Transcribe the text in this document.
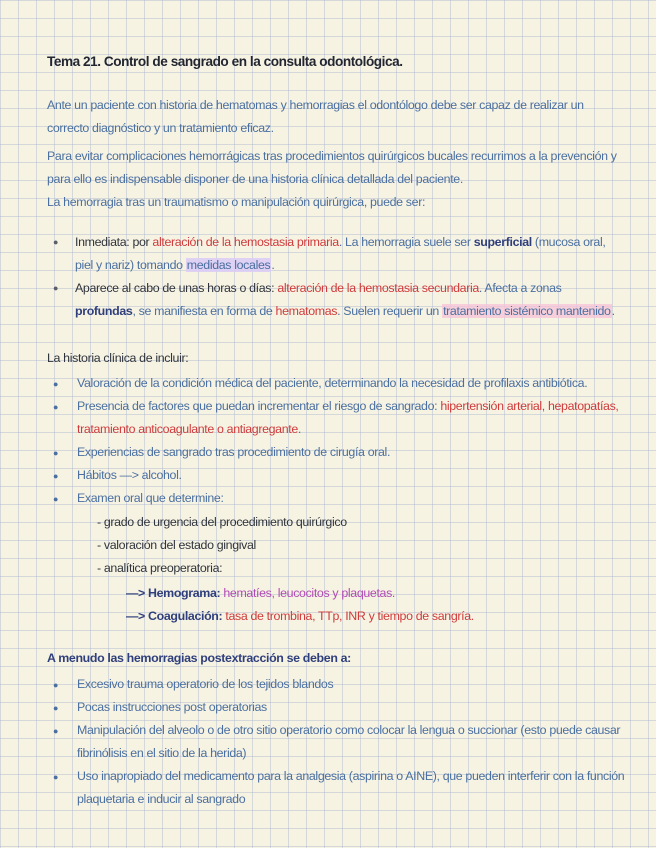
Tema 21. Control de sangrado en la consulta odontológica.
Ante un paciente con historia de hematomas y hemorragias el odontólogo debe ser capaz de realizar un
correcto diagnóstico y un tratamiento eficaz.
Para evitar complicaciones hemorrágicas tras procedimientos quirúrgicos bucales recurrimos a la prevención y
para ello es indispensable disponer de una historia clínica detallada del paciente.
La hemorragia tras un traumatismo o manipulación quirúrgica, puede ser:
● Inmediata: por alteración de la hemostasia primaria. La hemorragia suele ser superficial (mucosa oral,
piel y nariz) tomando medidas locales.
● Aparece al cabo de unas horas o días: alteración de la hemostasia secundaria. Afecta a zonas
profundas, se manifiesta en forma de hematomas. Suelen requerir un tratamiento sistémico mantenido.
La historia clínica de incluir:
● Valoración de la condición médica del paciente, determinando la necesidad de profilaxis antibiótica.
● Presencia de factores que puedan incrementar el riesgo de sangrado: hipertensión arterial, hepatopatías,
tratamiento anticoagulante o antiagregante.
● Experiencias de sangrado tras procedimiento de cirugía oral.
● Hábitos —> alcohol.
● Examen oral que determine:
- grado de urgencia del procedimiento quirúrgico
- valoración del estado gingival
- analítica preoperatoria:
—> Hemograma: hematíes, leucocitos y plaquetas.
—> Coagulación: tasa de trombina, TTp, INR y tiempo de sangría.
A menudo las hemorragias postextracción se deben a:
● Excesivo trauma operatorio de los tejidos blandos
● Pocas instrucciones post operatorias
● Manipulación del alveolo o de otro sitio operatorio como colocar la lengua o succionar (esto puede causar
fibrinólisis en el sitio de la herida)
● Uso inapropiado del medicamento para la analgesia (aspirina o AINE), que pueden interferir con la función
plaquetaria e inducir al sangrado
